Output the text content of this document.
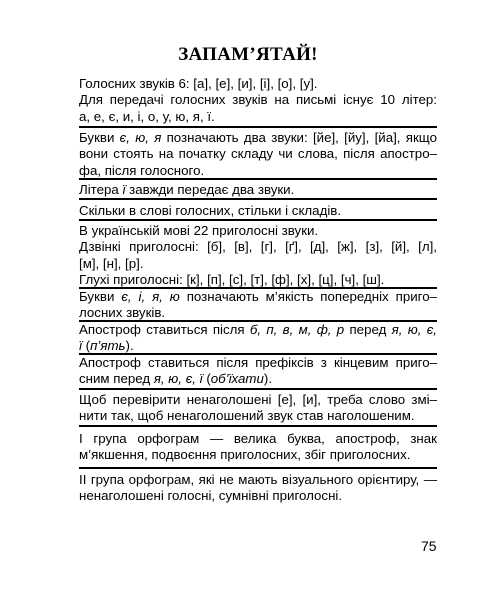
ЗАПАМ’ЯТАЙ!

Голосних звуків 6: [а], [е], [и], [і], [о], [у].

Для передачі голосних звуків на письмі існує 10 літер:

а, е, є, и, і, о, у, ю, я, ї.

Букви є, ю, я позначають два звуки: [йе], [йу], [йа], якщо

вони стоять на початку складу чи слова, після апостро–

фа, після голосного.

Літера ї завжди передає два звуки.

Скільки в слові голосних, стільки і складів.

В українській мові 22 приголосні звуки.

Дзвінкі приголосні: [б], [в], [г], [ґ], [д], [ж], [з], [й], [л],

[м], [н], [р].

Глухі приголосні: [к], [п], [с], [т], [ф], [х], [ц], [ч], [ш].

Букви є, і, я, ю позначають м’якість попередніх приго–

лосних звуків.

Апостроф ставиться після б, п, в, м, ф, р перед я, ю, є,

ї (п’ять).

Апостроф ставиться після префіксів з кінцевим приго–

сним перед я, ю, є, ї (об’їхати).

Щоб перевірити ненаголошені [е], [и], треба слово змі–

нити так, щоб ненаголошений звук став наголошеним.

І група орфограм — велика буква, апостроф, знак

м’якшення, подвоєння приголосних, збіг приголосних.

ІІ група орфограм, які не мають візуального орієнтиру, —

ненаголошені голосні, сумнівні приголосні.

75
